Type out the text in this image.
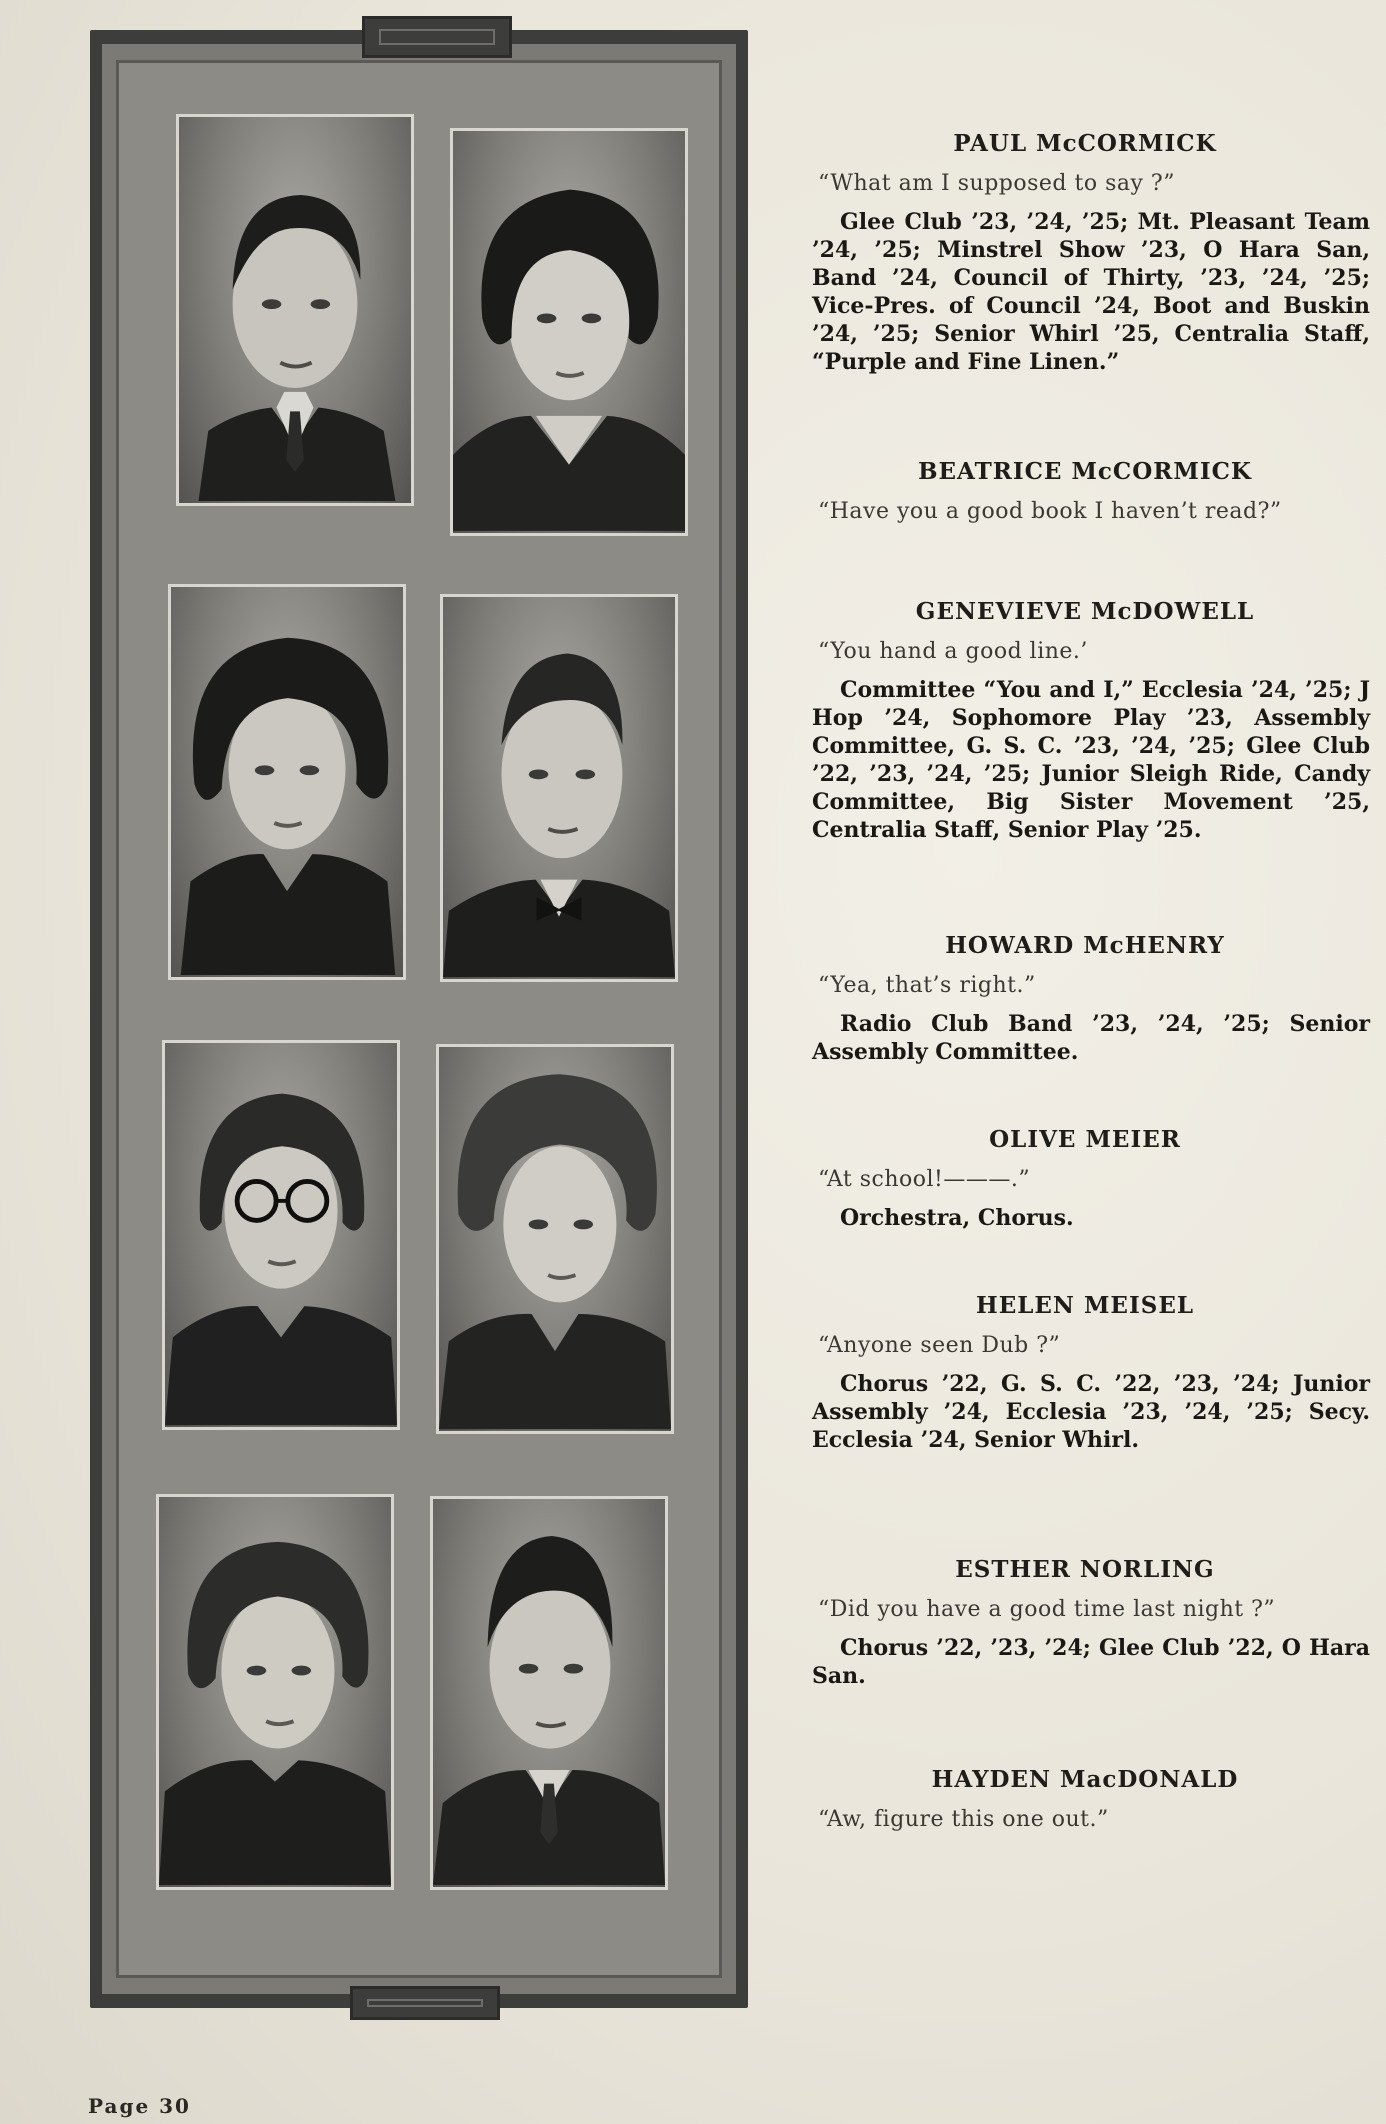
PAUL McCORMICK
“What am I supposed to say ?”
Glee Club ’23, ’24, ’25; Mt. Pleasant Team ’24, ’25; Minstrel Show ’23, O Hara San, Band ’24, Council of Thirty, ’23, ’24, ’25; Vice-Pres. of Council ’24, Boot and Buskin ’24, ’25; Senior Whirl ’25, Centralia Staff, “Purple and Fine Linen.”
BEATRICE McCORMICK
“Have you a good book I haven’t read?”
GENEVIEVE McDOWELL
“You hand a good line.’
Committee “You and I,” Ecclesia ’24, ’25; J Hop ’24, Sophomore Play ’23, Assembly Committee, G. S. C. ’23, ’24, ’25; Glee Club ’22, ’23, ’24, ’25; Junior Sleigh Ride, Candy Committee, Big Sister Movement ’25, Centralia Staff, Senior Play ’25.
HOWARD McHENRY
“Yea, that’s right.”
Radio Club Band ’23, ’24, ’25; Senior Assembly Committee.
OLIVE MEIER
“At school!———.”
Orchestra, Chorus.
HELEN MEISEL
“Anyone seen Dub ?”
Chorus ’22, G. S. C. ’22, ’23, ’24; Junior Assembly ’24, Ecclesia ’23, ’24, ’25; Secy. Ecclesia ’24, Senior Whirl.
ESTHER NORLING
“Did you have a good time last night ?”
Chorus ’22, ’23, ’24; Glee Club ’22, O Hara San.
HAYDEN MacDONALD
“Aw, figure this one out.”
Page 30
